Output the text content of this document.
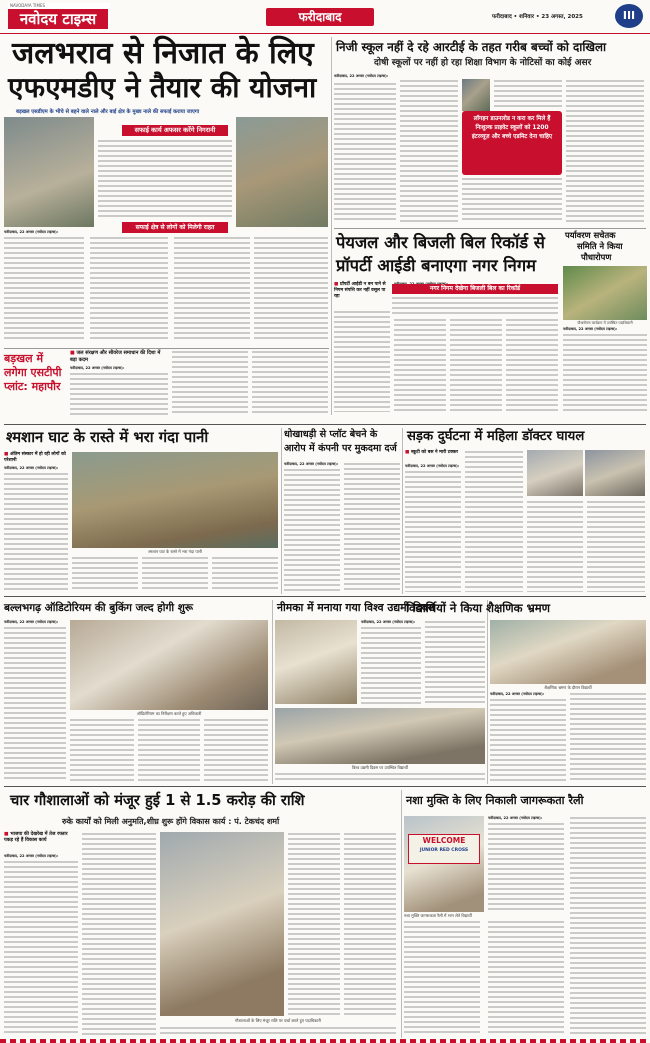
NAVODAYA TIMES
नवोदय टाइम्स	फरीदाबाद	फरीदाबाद • शनिवार • 23 अगस्त, 2025	III
जलभराव से निजात के लिए
एफएमडीए ने तैयार की योजना
बड़खल एसडीएम के भीचे से बहने वाले नाले और बाई क्षेत्र के मुख्य नाले की सफाई कराया जाएगा
सफाई कार्य अफसर करेंगे निगरानी
सफाई क्षेत्र से लोगों को मिलेगी राहत
फरीदाबाद, 22 अगस्त (नवोदय टाइम्स):
निजी स्कूल नहीं दे रहे आरटीई के तहत गरीब बच्चों को दाखिला
दोषी स्कूलों पर नहीं हो रहा शिक्षा विभाग के नोटिसों का कोई असर
फरीदाबाद, 22 अगस्त (नवोदय टाइम्स):
लॉगइन डाउनलोड न करा कर मिले हैं निःशुल्क प्राइवेट स्कूलों को 1200 इंटरव्यूज़ और बच्चे एडमिट देना चाहिए
पेयजल और बिजली बिल रिकॉर्ड से
प्रॉपर्टी आईडी बनाएगा नगर निगम
■ प्रॉपर्टी आईडी न बन पाने से निगम संपत्ति कर नहीं वसूल पा रहा
नगर निगम देखेगा बिजली बिल का रिकॉर्ड
पर्यावरण सचेतक
समिति ने किया
पौधारोपण
पौधारोपण कार्यक्रम में उपस्थित पदाधिकारी
फरीदाबाद, 22 अगस्त (नवोदय टाइम्स):
बड़खल में लगेगा एसटीपी प्लांट: महापौर
■ जल संरक्षण और सीवरेज समाधान की दिशा में बड़ा कदम
फरीदाबाद, 22 अगस्त (नवोदय टाइम्स):
श्मशान घाट के रास्ते में भरा गंदा पानी
■ अंतिम संस्कार में हो रही लोगों को परेशानी
फरीदाबाद, 22 अगस्त (नवोदय टाइम्स):
श्मशान घाट के रास्ते में भरा गंदा पानी
धोखाधड़ी से प्लॉट बेचने के
आरोप में कंपनी पर मुकदमा दर्ज
फरीदाबाद, 22 अगस्त (नवोदय टाइम्स):
सड़क दुर्घटना में महिला डॉक्टर घायल
■ स्कूटी को बस ने मारी टक्कर
फरीदाबाद, 22 अगस्त (नवोदय टाइम्स):
बल्लभगढ़ ऑडिटोरियम की बुकिंग जल्द होगी शुरू
फरीदाबाद, 22 अगस्त (नवोदय टाइम्स):
ऑडिटोरियम का निरीक्षण करते हुए अधिकारी
नीमका में मनाया गया विश्व उद्यमी दिवस
फरीदाबाद, 22 अगस्त (नवोदय टाइम्स):
विश्व उद्यमी दिवस पर उपस्थित विद्यार्थी
विद्यार्थियों ने किया शैक्षणिक भ्रमण
शैक्षणिक भ्रमण के दौरान विद्यार्थी
फरीदाबाद, 22 अगस्त (नवोदय टाइम्स):
चार गौशालाओं को मंजूर हुई 1 से 1.5 करोड़ की राशि
रुके कार्यों को मिली अनुमति,शीघ्र शुरू होंगे विकास कार्य : पं. टेकचंद शर्मा
■ भाजपा की देखरेख में तेज रफ्तार पकड़ रहे हैं विकास कार्य
फरीदाबाद, 22 अगस्त (नवोदय टाइम्स):
गौशालाओं के लिए मंजूर राशि पर चर्चा करते हुए पदाधिकारी
नशा मुक्ति के लिए निकाली जागरूकता रैली
WELCOME
JUNIOR RED CROSS
नशा मुक्ति जागरूकता रैली में भाग लेते विद्यार्थी
फरीदाबाद, 22 अगस्त (नवोदय टाइम्स):
